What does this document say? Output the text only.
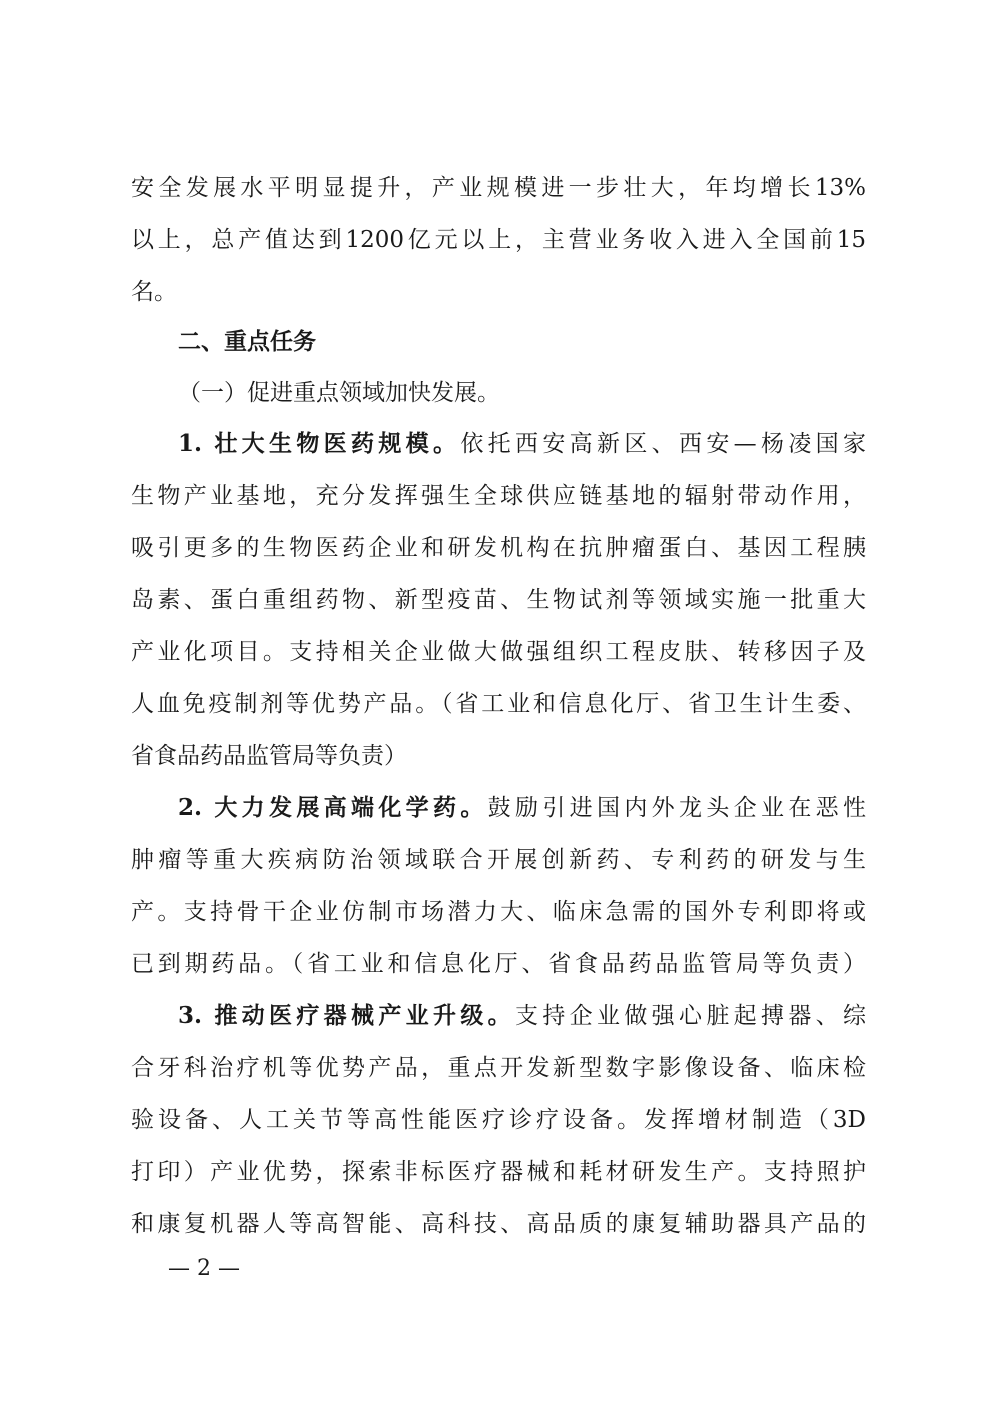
安全发展水平明显提升，产业规模进一步壮大，年均增长13%
以上，总产值达到1200亿元以上，主营业务收入进入全国前15
名。
二、重点任务
（一）促进重点领域加快发展。
1. 壮大生物医药规模。依托西安高新区、西安—杨凌国家
生物产业基地，充分发挥强生全球供应链基地的辐射带动作用，
吸引更多的生物医药企业和研发机构在抗肿瘤蛋白、基因工程胰
岛素、蛋白重组药物、新型疫苗、生物试剂等领域实施一批重大
产业化项目。支持相关企业做大做强组织工程皮肤、转移因子及
人血免疫制剂等优势产品。（省工业和信息化厅、省卫生计生委、
省食品药品监管局等负责）
2. 大力发展高端化学药。鼓励引进国内外龙头企业在恶性
肿瘤等重大疾病防治领域联合开展创新药、专利药的研发与生
产。支持骨干企业仿制市场潜力大、临床急需的国外专利即将或
已到期药品。（省工业和信息化厅、省食品药品监管局等负责）
3. 推动医疗器械产业升级。支持企业做强心脏起搏器、综
合牙科治疗机等优势产品，重点开发新型数字影像设备、临床检
验设备、人工关节等高性能医疗诊疗设备。发挥增材制造（3D
打印）产业优势，探索非标医疗器械和耗材研发生产。支持照护
和康复机器人等高智能、高科技、高品质的康复辅助器具产品的
— 2 —
